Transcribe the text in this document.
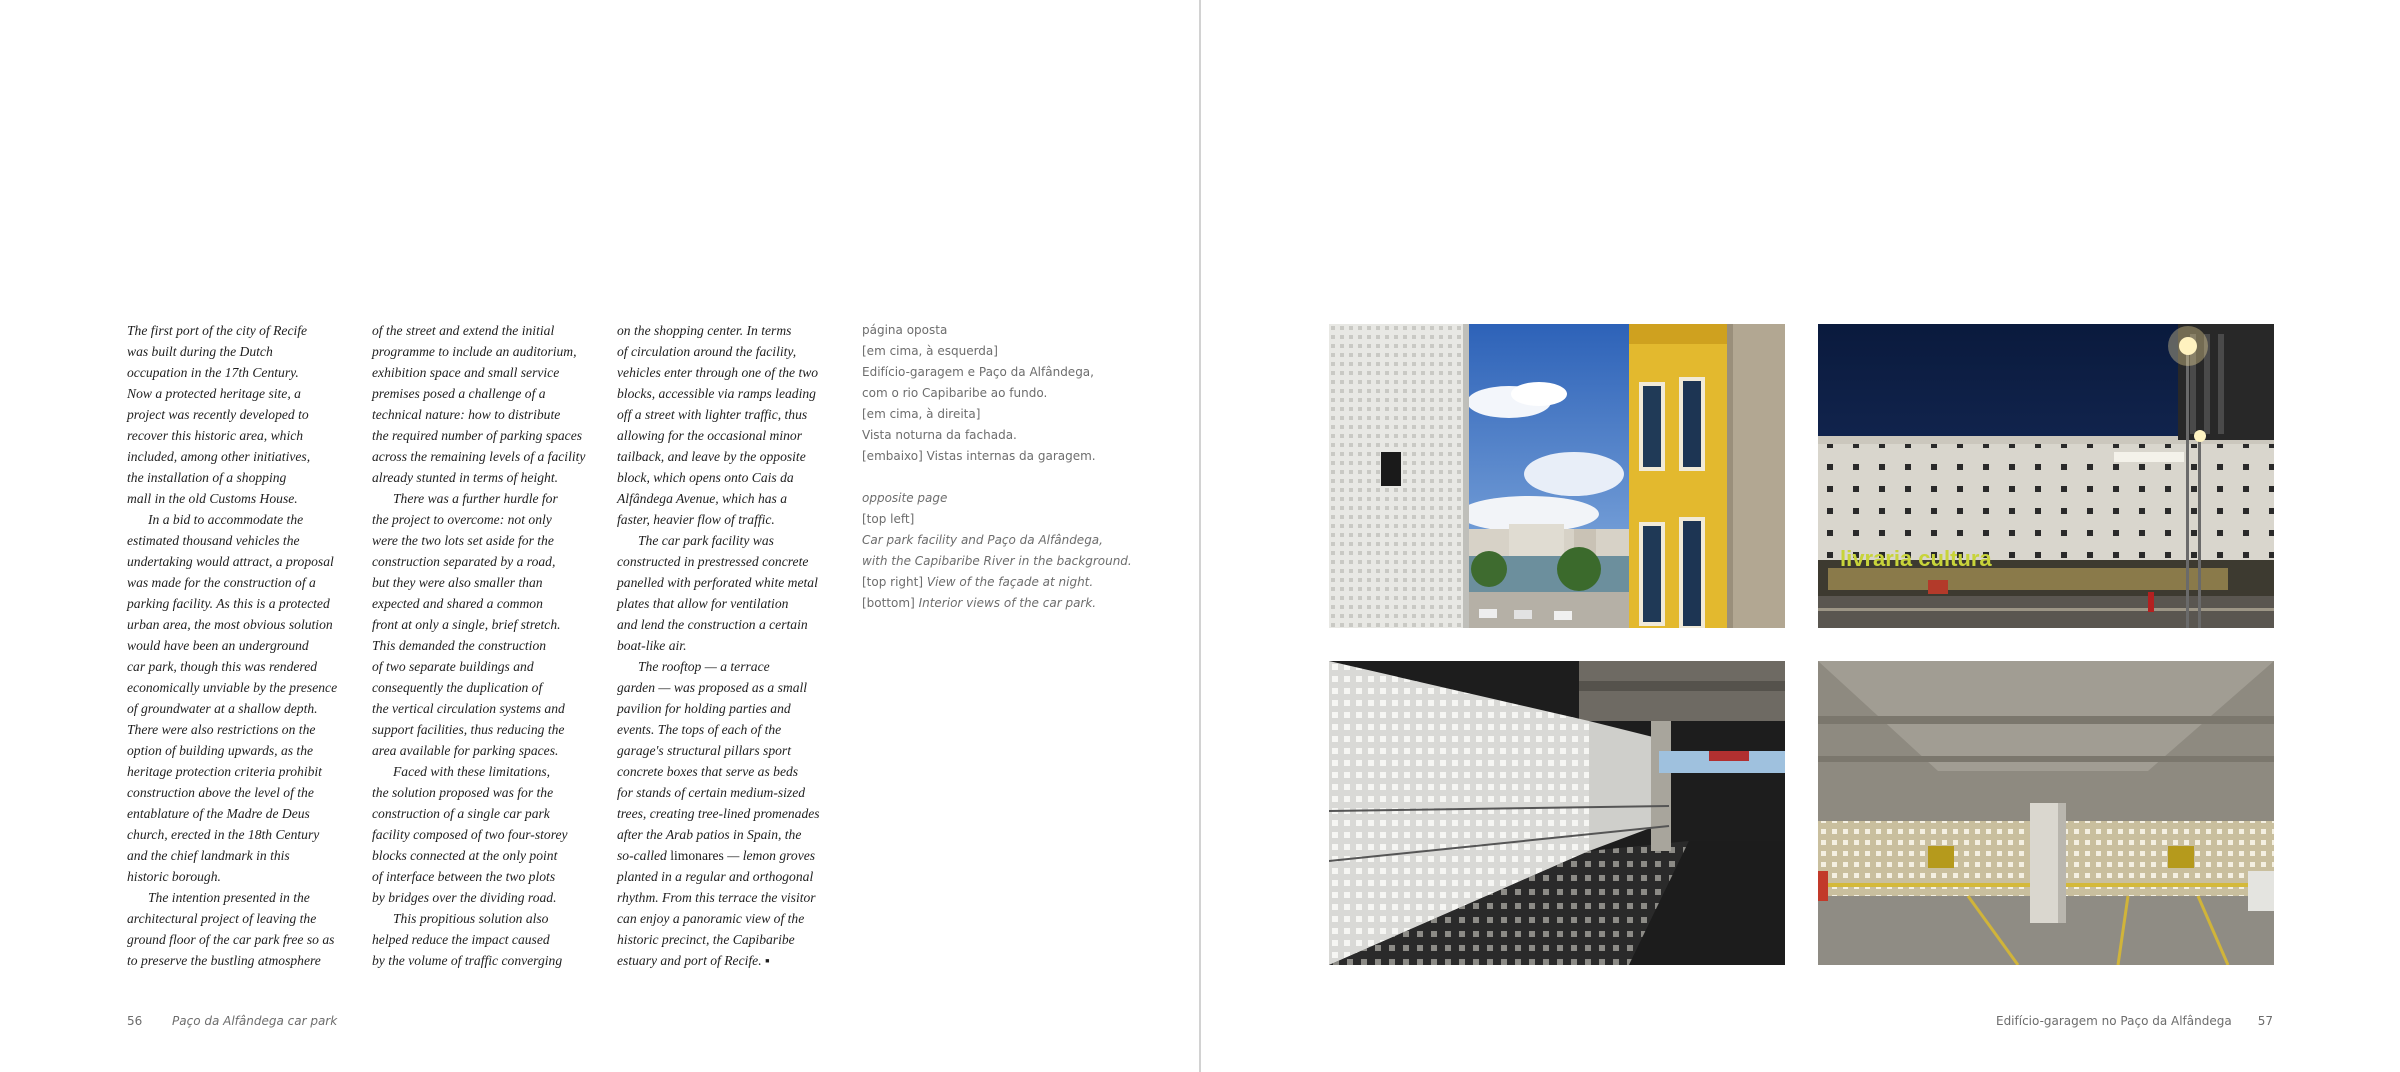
The first port of the city of Recife
was built during the Dutch
occupation in the 17th Century.
Now a protected heritage site, a
project was recently developed to
recover this historic area, which
included, among other initiatives,
the installation of a shopping
mall in the old Customs House.
In a bid to accommodate the
estimated thousand vehicles the
undertaking would attract, a proposal
was made for the construction of a
parking facility. As this is a protected
urban area, the most obvious solution
would have been an underground
car park, though this was rendered
economically unviable by the presence
of groundwater at a shallow depth.
There were also restrictions on the
option of building upwards, as the
heritage protection criteria prohibit
construction above the level of the
entablature of the Madre de Deus
church, erected in the 18th Century
and the chief landmark in this
historic borough.
The intention presented in the
architectural project of leaving the
ground floor of the car park free so as
to preserve the bustling atmosphere
of the street and extend the initial
programme to include an auditorium,
exhibition space and small service
premises posed a challenge of a
technical nature: how to distribute
the required number of parking spaces
across the remaining levels of a facility
already stunted in terms of height.
There was a further hurdle for
the project to overcome: not only
were the two lots set aside for the
construction separated by a road,
but they were also smaller than
expected and shared a common
front at only a single, brief stretch.
This demanded the construction
of two separate buildings and
consequently the duplication of
the vertical circulation systems and
support facilities, thus reducing the
area available for parking spaces.
Faced with these limitations,
the solution proposed was for the
construction of a single car park
facility composed of two four-storey
blocks connected at the only point
of interface between the two plots
by bridges over the dividing road.
This propitious solution also
helped reduce the impact caused
by the volume of traffic converging
on the shopping center. In terms
of circulation around the facility,
vehicles enter through one of the two
blocks, accessible via ramps leading
off a street with lighter traffic, thus
allowing for the occasional minor
tailback, and leave by the opposite
block, which opens onto Cais da
Alfândega Avenue, which has a
faster, heavier flow of traffic.
The car park facility was
constructed in prestressed concrete
panelled with perforated white metal
plates that allow for ventilation
and lend the construction a certain
boat-like air.
The rooftop — a terrace
garden — was proposed as a small
pavilion for holding parties and
events. The tops of each of the
garage's structural pillars sport
concrete boxes that serve as beds
for stands of certain medium-sized
trees, creating tree-lined promenades
after the Arab patios in Spain, the
so-called limonares — lemon groves
planted in a regular and orthogonal
rhythm. From this terrace the visitor
can enjoy a panoramic view of the
historic precinct, the Capibaribe
estuary and port of Recife. ▪
página oposta
[em cima, à esquerda]
Edifício-garagem e Paço da Alfândega,
com o rio Capibaribe ao fundo.
[em cima, à direita]
Vista noturna da fachada.
[embaixo] Vistas internas da garagem.
opposite page
[top left]
Car park facility and Paço da Alfândega,
with the Capibaribe River in the background.
[top right] View of the façade at night.
[bottom] Interior views of the car park.
56 Paço da Alfândega car park	Edifício-garagem no Paço da Alfândega 57
livraria cultura
